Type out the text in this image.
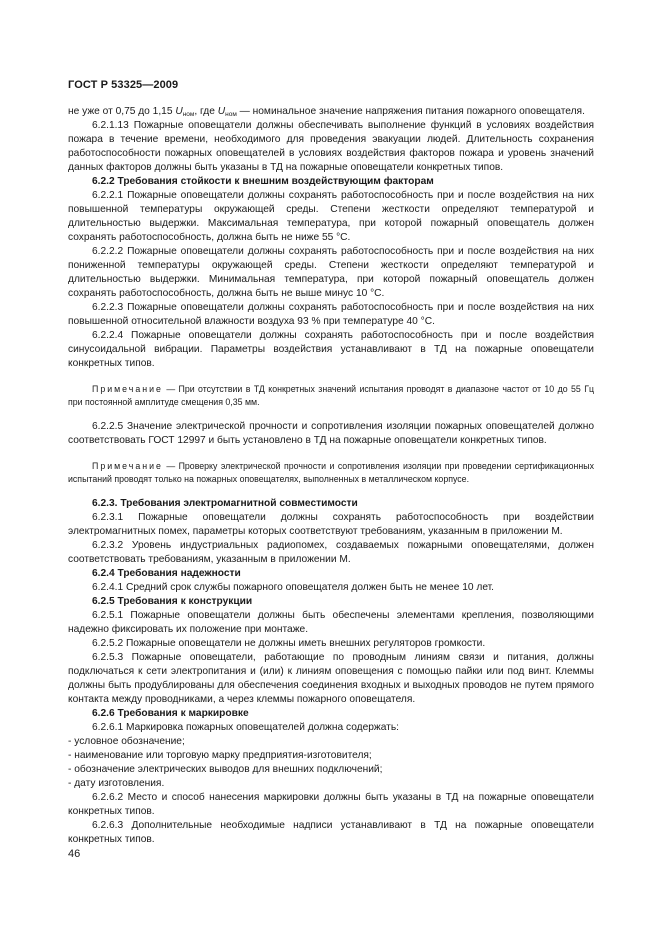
ГОСТ Р 53325—2009

не уже от 0,75 до 1,15 $U_{ном}$, где $U_{ном}$ — номинальное значение напряжения питания пожарного оповещателя.

6.2.1.13 Пожарные оповещатели должны обеспечивать выполнение функций в условиях воздействия пожара в течение времени, необходимого для проведения эвакуации людей. Длительность сохранения работоспособности пожарных оповещателей в условиях воздействия факторов пожара и уровень значений данных факторов должны быть указаны в ТД на пожарные оповещатели конкретных типов.

6.2.2 Требования стойкости к внешним воздействующим факторам

6.2.2.1 Пожарные оповещатели должны сохранять работоспособность при и после воздействия на них повышенной температуры окружающей среды. Степени жесткости определяют температурой и длительностью выдержки. Максимальная температура, при которой пожарный оповещатель должен сохранять работоспособность, должна быть не ниже 55 °С.

6.2.2.2 Пожарные оповещатели должны сохранять работоспособность при и после воздействия на них пониженной температуры окружающей среды. Степени жесткости определяют температурой и длительностью выдержки. Минимальная температура, при которой пожарный оповещатель должен сохранять работоспособность, должна быть не выше минус 10 °С.

6.2.2.3 Пожарные оповещатели должны сохранять работоспособность при и после воздействия на них повышенной относительной влажности воздуха 93 % при температуре 40 °С.

6.2.2.4 Пожарные оповещатели должны сохранять работоспособность при и после воздействия синусоидальной вибрации. Параметры воздействия устанавливают в ТД на пожарные оповещатели конкретных типов.

Примечание — При отсутствии в ТД конкретных значений испытания проводят в диапазоне частот от 10 до 55 Гц при постоянной амплитуде смещения 0,35 мм.

6.2.2.5 Значение электрической прочности и сопротивления изоляции пожарных оповещателей должно соответствовать ГОСТ 12997 и быть установлено в ТД на пожарные оповещатели конкретных типов.

Примечание — Проверку электрической прочности и сопротивления изоляции при проведении сертификационных испытаний проводят только на пожарных оповещателях, выполненных в металлическом корпусе.

6.2.3. Требования электромагнитной совместимости

6.2.3.1 Пожарные оповещатели должны сохранять работоспособность при воздействии электромагнитных помех, параметры которых соответствуют требованиям, указанным в приложении М.

6.2.3.2 Уровень индустриальных радиопомех, создаваемых пожарными оповещателями, должен соответствовать требованиям, указанным в приложении М.

6.2.4 Требования надежности

6.2.4.1 Средний срок службы пожарного оповещателя должен быть не менее 10 лет.

6.2.5 Требования к конструкции

6.2.5.1 Пожарные оповещатели должны быть обеспечены элементами крепления, позволяющими надежно фиксировать их положение при монтаже.

6.2.5.2 Пожарные оповещатели не должны иметь внешних регуляторов громкости.

6.2.5.3 Пожарные оповещатели, работающие по проводным линиям связи и питания, должны подключаться к сети электропитания и (или) к линиям оповещения с помощью пайки или под винт. Клеммы должны быть продублированы для обеспечения соединения входных и выходных проводов не путем прямого контакта между проводниками, а через клеммы пожарного оповещателя.

6.2.6 Требования к маркировке

6.2.6.1 Маркировка пожарных оповещателей должна содержать:

- условное обозначение;

- наименование или торговую марку предприятия-изготовителя;

- обозначение электрических выводов для внешних подключений;

- дату изготовления.

6.2.6.2 Место и способ нанесения маркировки должны быть указаны в ТД на пожарные оповещатели конкретных типов.

6.2.6.3 Дополнительные необходимые надписи устанавливают в ТД на пожарные оповещатели конкретных типов.

46
